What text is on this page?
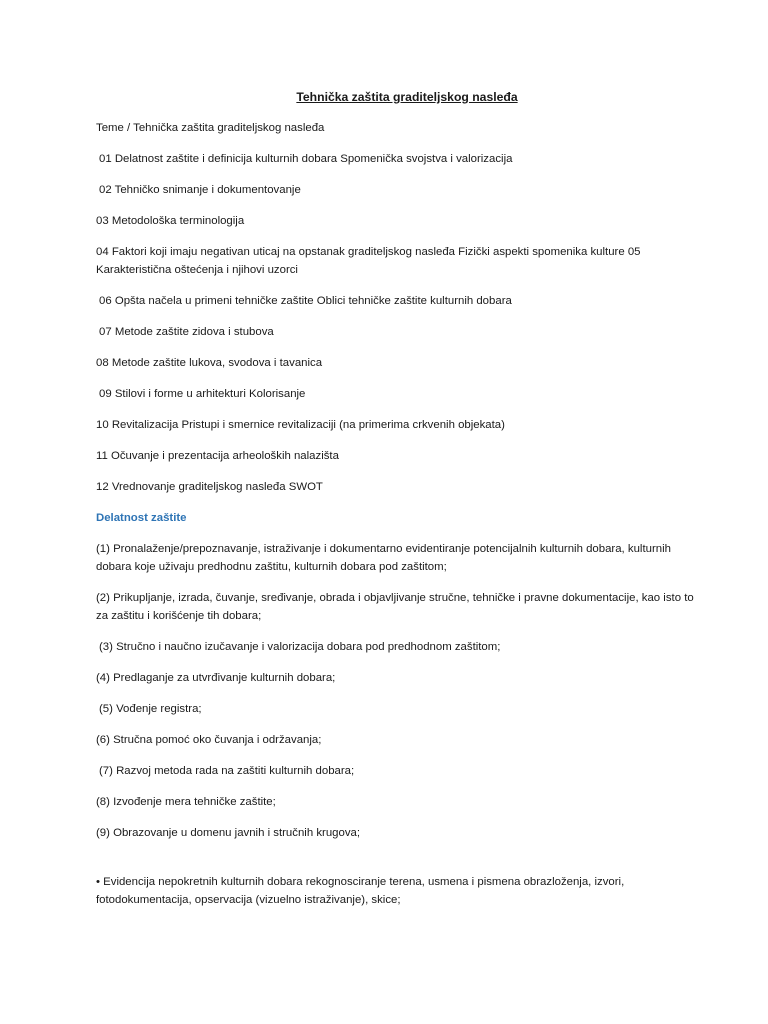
Tehnička zaštita graditeljskog nasleđa
Teme / Tehnička zaštita graditeljskog nasleđa
01 Delatnost zaštite i definicija kulturnih dobara Spomenička svojstva i valorizacija
02 Tehničko snimanje i dokumentovanje
03 Metodološka terminologija
04 Faktori koji imaju negativan uticaj na opstanak graditeljskog nasleđa Fizički aspekti spomenika kulture 05 Karakteristična oštećenja i njihovi uzorci
06 Opšta načela u primeni tehničke zaštite Oblici tehničke zaštite kulturnih dobara
07 Metode zaštite zidova i stubova
08 Metode zaštite lukova, svodova i tavanica
09 Stilovi i forme u arhitekturi Kolorisanje
10 Revitalizacija Pristupi i smernice revitalizaciji (na primerima crkvenih objekata)
11 Očuvanje i prezentacija arheoloških nalazišta
12 Vrednovanje graditeljskog nasleđa SWOT
Delatnost zaštite
(1) Pronalaženje/prepoznavanje, istraživanje i dokumentarno evidentiranje potencijalnih kulturnih dobara, kulturnih dobara koje uživaju predhodnu zaštitu, kulturnih dobara pod zaštitom;
(2) Prikupljanje, izrada, čuvanje, sređivanje, obrada i objavljivanje stručne, tehničke i pravne dokumentacije, kao isto to za zaštitu i korišćenje tih dobara;
(3) Stručno i naučno izučavanje i valorizacija dobara pod predhodnom zaštitom;
(4) Predlaganje za utvrđivanje kulturnih dobara;
(5) Vođenje registra;
(6) Stručna pomoć oko čuvanja i održavanja;
(7) Razvoj metoda rada na zaštiti kulturnih dobara;
(8) Izvođenje mera tehničke zaštite;
(9) Obrazovanje u domenu javnih i stručnih krugova;
• Evidencija nepokretnih kulturnih dobara rekognosciranje terena, usmena i pismena obrazloženja, izvori, fotodokumentacija, opservacija (vizuelno istraživanje), skice;
